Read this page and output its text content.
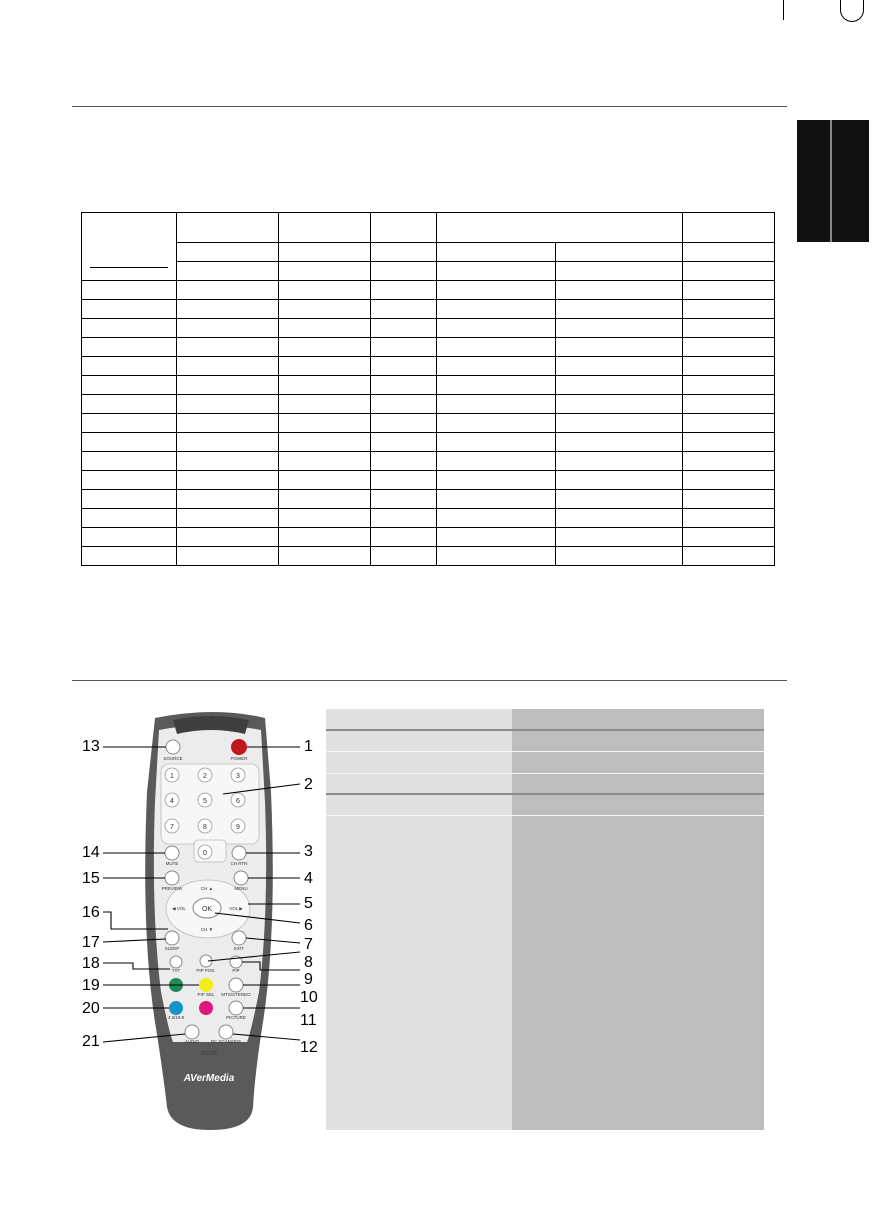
SOURCE	POWER
MUTE	CH RTN
PREVIEW	MENU
CH ▲
CH ▼
◀ VOL	VOL ▶
SLEEP	EXIT
TXT	PIP POS.	PIP
PIP SEL MTS/STEREO
4:3/16:9	PICTURE
AUDIO	PC SCAN/IRIS
RS-76
1	2	3
4	5	6
7	8	9
0
OK
AVerMedia
1
2
3
4
5
6
7
8
9
10
11
12
13
14
15
16
17
18
19
20
21
